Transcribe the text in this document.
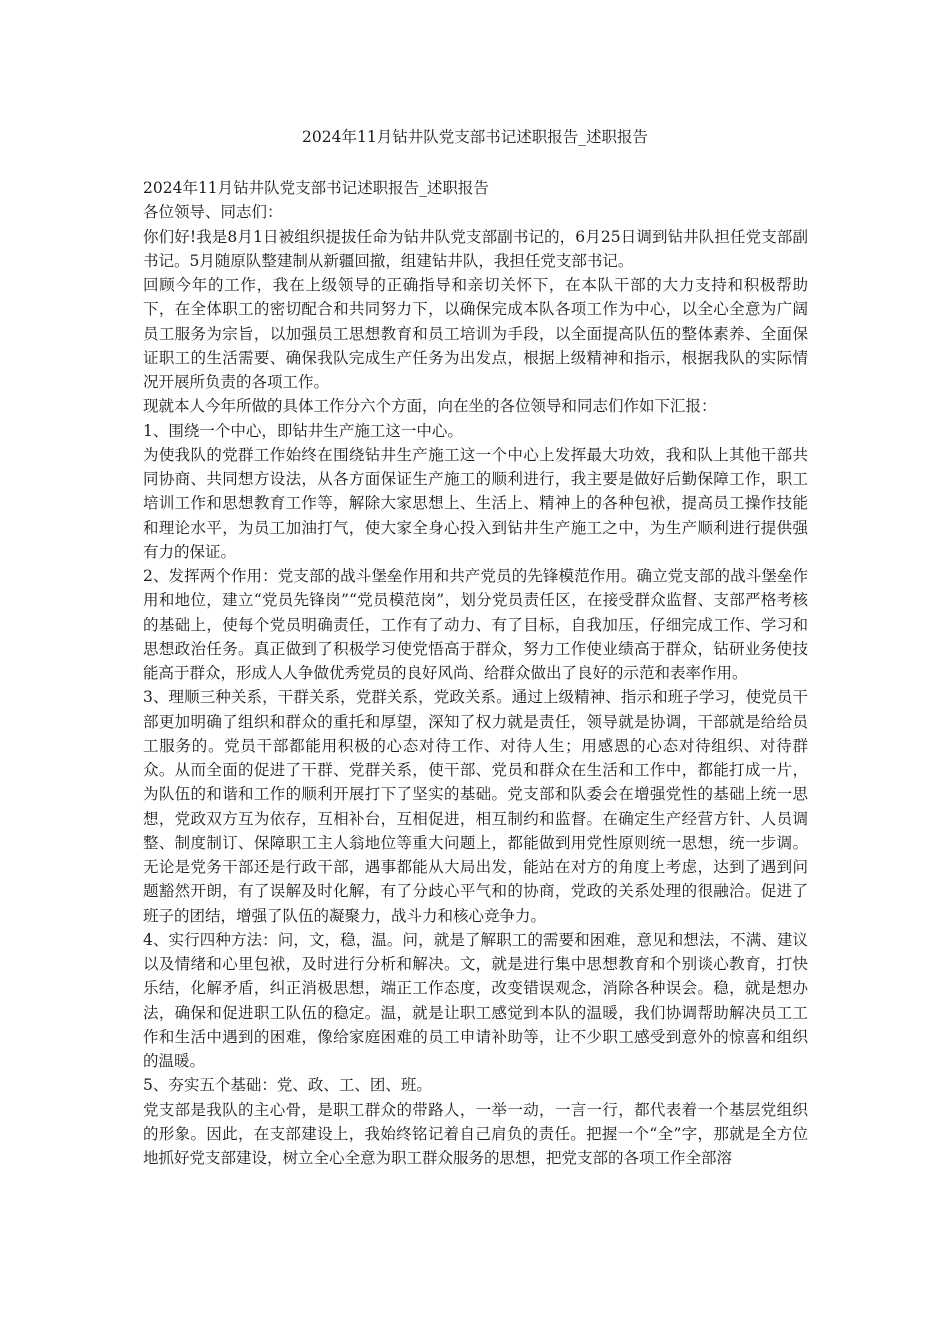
2024年11月钻井队党支部书记述职报告_述职报告

2024年11月钻井队党支部书记述职报告_述职报告

各位领导、同志们：

你们好!我是8月1日被组织提拔任命为钻井队党支部副书记的，6月25日调到钻井队担任党支部副书记。5月随原队整建制从新疆回撤，组建钻井队，我担任党支部书记。

回顾今年的工作，我在上级领导的正确指导和亲切关怀下，在本队干部的大力支持和积极帮助下，在全体职工的密切配合和共同努力下，以确保完成本队各项工作为中心，以全心全意为广阔员工服务为宗旨，以加强员工思想教育和员工培训为手段，以全面提高队伍的整体素养、全面保证职工的生活需要、确保我队完成生产任务为出发点，根据上级精神和指示，根据我队的实际情况开展所负责的各项工作。

现就本人今年所做的具体工作分六个方面，向在坐的各位领导和同志们作如下汇报：

1、围绕一个中心，即钻井生产施工这一中心。

为使我队的党群工作始终在围绕钻井生产施工这一个中心上发挥最大功效，我和队上其他干部共同协商、共同想方设法，从各方面保证生产施工的顺利进行，我主要是做好后勤保障工作，职工培训工作和思想教育工作等，解除大家思想上、生活上、精神上的各种包袱，提高员工操作技能和理论水平，为员工加油打气，使大家全身心投入到钻井生产施工之中，为生产顺利进行提供强有力的保证。

2、发挥两个作用：党支部的战斗堡垒作用和共产党员的先锋模范作用。确立党支部的战斗堡垒作用和地位，建立“党员先锋岗”“党员模范岗”，划分党员责任区，在接受群众监督、支部严格考核的基础上，使每个党员明确责任，工作有了动力、有了目标，自我加压，仔细完成工作、学习和思想政治任务。真正做到了积极学习使党悟高于群众，努力工作使业绩高于群众，钻研业务使技能高于群众，形成人人争做优秀党员的良好风尚、给群众做出了良好的示范和表率作用。

3、理顺三种关系，干群关系，党群关系，党政关系。通过上级精神、指示和班子学习，使党员干部更加明确了组织和群众的重托和厚望，深知了权力就是责任，领导就是协调，干部就是给给员工服务的。党员干部都能用积极的心态对待工作、对待人生；用感恩的心态对待组织、对待群众。从而全面的促进了干群、党群关系，使干部、党员和群众在生活和工作中，都能打成一片，为队伍的和谐和工作的顺利开展打下了坚实的基础。党支部和队委会在增强党性的基础上统一思想，党政双方互为依存，互相补台，互相促进，相互制约和监督。在确定生产经营方针、人员调整、制度制订、保障职工主人翁地位等重大问题上，都能做到用党性原则统一思想，统一步调。无论是党务干部还是行政干部，遇事都能从大局出发，能站在对方的角度上考虑，达到了遇到问题豁然开朗，有了误解及时化解，有了分歧心平气和的协商，党政的关系处理的很融洽。促进了班子的团结，增强了队伍的凝聚力，战斗力和核心竞争力。

4、实行四种方法：问，文，稳，温。问，就是了解职工的需要和困难，意见和想法，不满、建议以及情绪和心里包袱，及时进行分析和解决。文，就是进行集中思想教育和个别谈心教育，打快乐结，化解矛盾，纠正消极思想，端正工作态度，改变错误观念，消除各种误会。稳，就是想办法，确保和促进职工队伍的稳定。温，就是让职工感觉到本队的温暖，我们协调帮助解决员工工作和生活中遇到的困难，像给家庭困难的员工申请补助等，让不少职工感受到意外的惊喜和组织的温暖。

5、夯实五个基础：党、政、工、团、班。

党支部是我队的主心骨，是职工群众的带路人，一举一动，一言一行，都代表着一个基层党组织的形象。因此，在支部建设上，我始终铭记着自己肩负的责任。把握一个“全”字，那就是全方位地抓好党支部建设，树立全心全意为职工群众服务的思想，把党支部的各项工作全部溶
